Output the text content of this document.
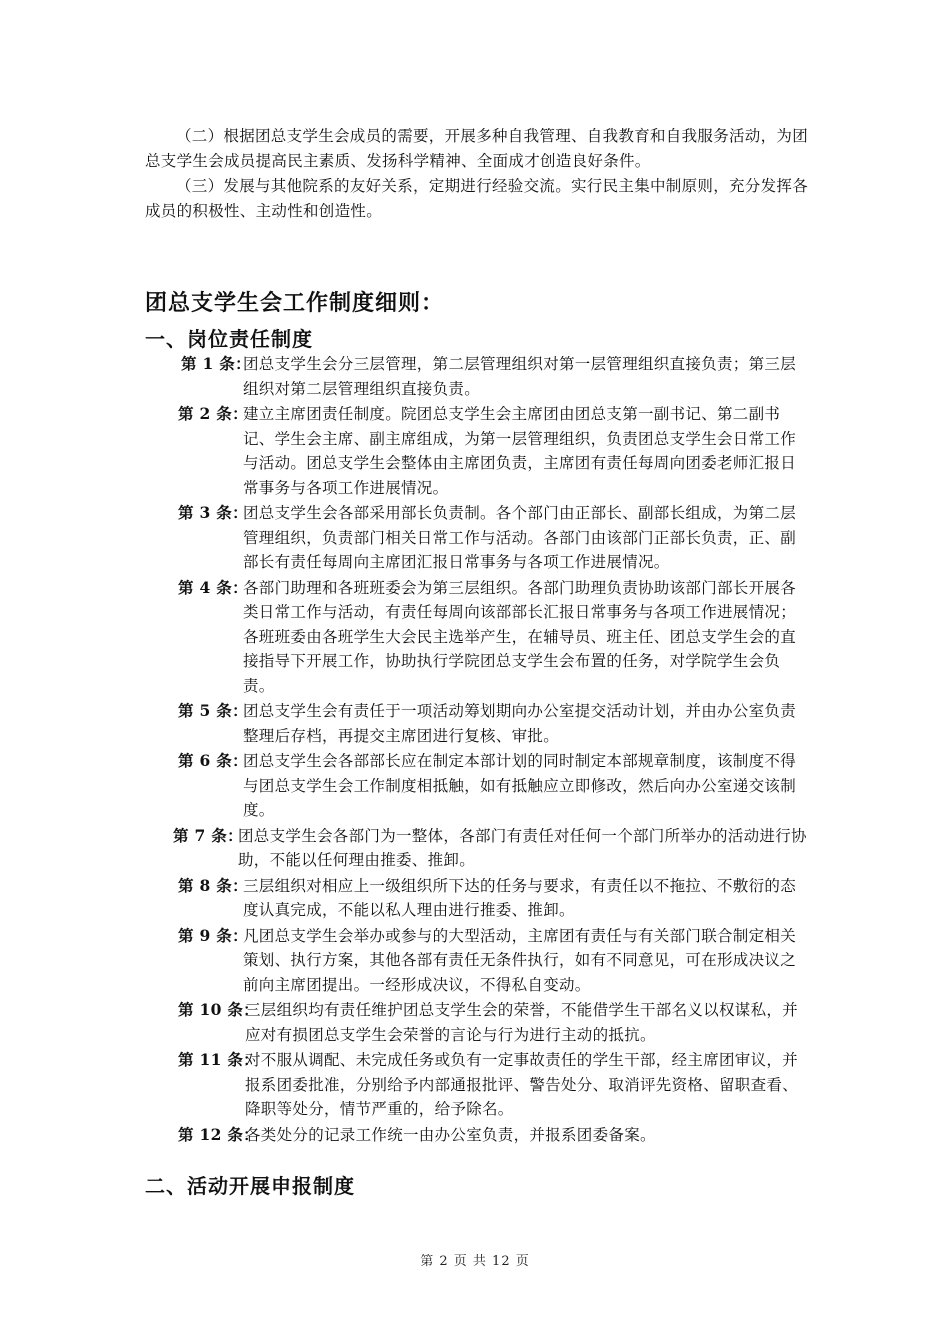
（二）根据团总支学生会成员的需要，开展多种自我管理、自我教育和自我服务活动，为团总支学生会成员提高民主素质、发扬科学精神、全面成才创造良好条件。

（三）发展与其他院系的友好关系，定期进行经验交流。实行民主集中制原则，充分发挥各成员的积极性、主动性和创造性。

团总支学生会工作制度细则：
一、岗位责任制度
第 1 条：
团总支学生会分三层管理，第二层管理组织对第一层管理组织直接负责；第三层组织对第二层管理组织直接负责。
第 2 条：
建立主席团责任制度。院团总支学生会主席团由团总支第一副书记、第二副书记、学生会主席、副主席组成，为第一层管理组织，负责团总支学生会日常工作与活动。团总支学生会整体由主席团负责，主席团有责任每周向团委老师汇报日常事务与各项工作进展情况。
第 3 条：
团总支学生会各部采用部长负责制。各个部门由正部长、副部长组成，为第二层管理组织，负责部门相关日常工作与活动。各部门由该部门正部长负责，正、副部长有责任每周向主席团汇报日常事务与各项工作进展情况。
第 4 条：
各部门助理和各班班委会为第三层组织。各部门助理负责协助该部门部长开展各类日常工作与活动，有责任每周向该部部长汇报日常事务与各项工作进展情况；各班班委由各班学生大会民主选举产生，在辅导员、班主任、团总支学生会的直接指导下开展工作，协助执行学院团总支学生会布置的任务，对学院学生会负责。
第 5 条：
团总支学生会有责任于一项活动筹划期向办公室提交活动计划，并由办公室负责整理后存档，再提交主席团进行复核、审批。
第 6 条：
团总支学生会各部部长应在制定本部计划的同时制定本部规章制度，该制度不得与团总支学生会工作制度相抵触，如有抵触应立即修改，然后向办公室递交该制度。
第 7 条：
团总支学生会各部门为一整体，各部门有责任对任何一个部门所举办的活动进行协助，不能以任何理由推委、推卸。
第 8 条：
三层组织对相应上一级组织所下达的任务与要求，有责任以不拖拉、不敷衍的态度认真完成，不能以私人理由进行推委、推卸。
第 9 条：
凡团总支学生会举办或参与的大型活动，主席团有责任与有关部门联合制定相关策划、执行方案，其他各部有责任无条件执行，如有不同意见，可在形成决议之前向主席团提出。一经形成决议，不得私自变动。
第 10 条：
三层组织均有责任维护团总支学生会的荣誉，不能借学生干部名义以权谋私，并应对有损团总支学生会荣誉的言论与行为进行主动的抵抗。
第 11 条：
对不服从调配、未完成任务或负有一定事故责任的学生干部，经主席团审议，并报系团委批准，分别给予内部通报批评、警告处分、取消评先资格、留职查看、降职等处分，情节严重的，给予除名。
第 12 条：
各类处分的记录工作统一由办公室负责，并报系团委备案。
二、活动开展申报制度
第 2 页 共 12 页
